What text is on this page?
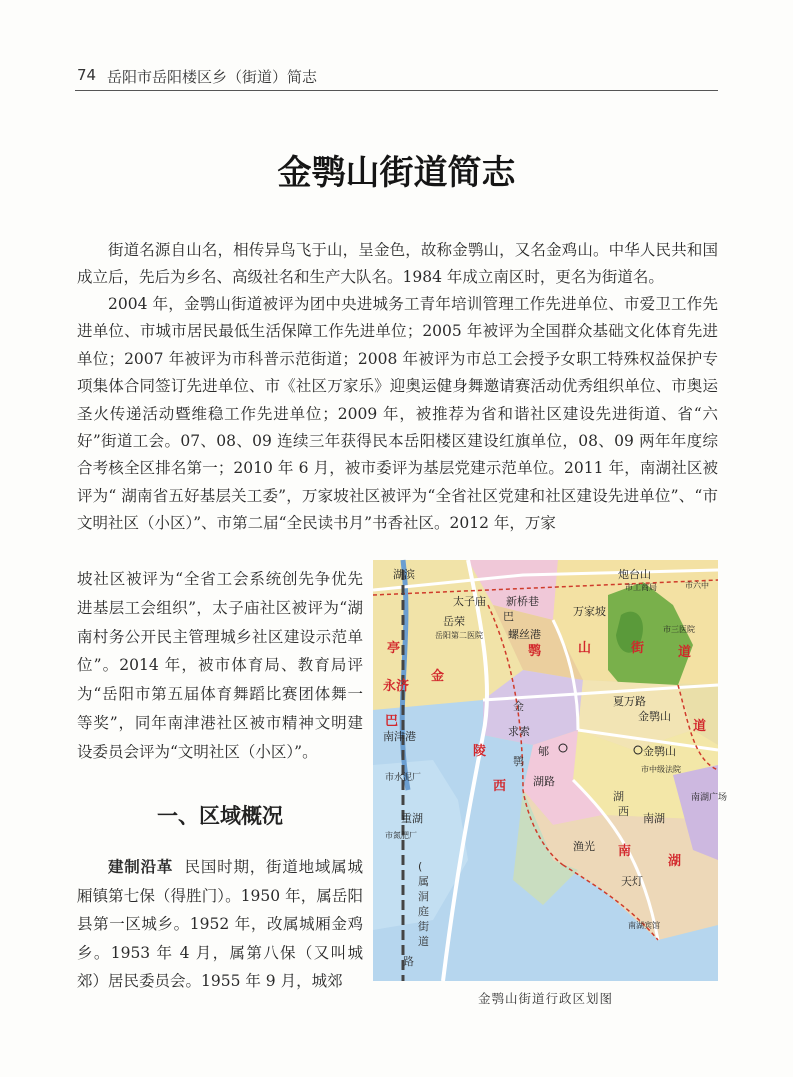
74 岳阳市岳阳楼区乡（街道）简志
金鹗山街道简志

街道名源自山名，相传异鸟飞于山，呈金色，故称金鹗山，又名金鸡山。中华人民共和国成立后，先后为乡名、高级社名和生产大队名。1984 年成立南区时，更名为街道名。

2004 年，金鹗山街道被评为团中央进城务工青年培训管理工作先进单位、市爱卫工作先进单位、市城市居民最低生活保障工作先进单位；2005 年被评为全国群众基础文化体育先进单位；2007 年被评为市科普示范街道；2008 年被评为市总工会授予女职工特殊权益保护专项集体合同签订先进单位、市《社区万家乐》迎奥运健身舞邀请赛活动优秀组织单位、市奥运圣火传递活动暨维稳工作先进单位；2009 年，被推荐为省和谐社区建设先进街道、省“六好”街道工会。07、08、09 连续三年获得民本岳阳楼区建设红旗单位，08、09 两年年度综合考核全区排名第一；2010 年 6 月，被市委评为基层党建示范单位。2011 年，南湖社区被评为“ 湖南省五好基层关工委”，万家坡社区被评为“全省社区党建和社区建设先进单位”、“市文明社区（小区）”、市第二届“全民读书月”书香社区。2012 年，万家

坡社区被评为“全省工会系统创先争优先进基层工会组织”，太子庙社区被评为“湖南村务公开民主管理城乡社区建设示范单位”。2014 年，被市体育局、教育局评为“岳阳市第五届体育舞蹈比赛团体舞一等奖”，同年南津港社区被市精神文明建设委员会评为“文明社区（小区）”。

一、区域概况

建制沿革 民国时期，街道地域属城厢镇第七保（得胜门）。1950 年，属岳阳县第一区城乡。1952 年，改属城厢金鸡乡。1953 年 4 月，属第八保（又叫城郊）居民委员会。1955 年 9 月，城郊

亭
金
鹗	山	街	道
南
湖
永济
巴
陵
西
道
湖滨
太子庙 新桥巷
万家坡
岳荣
岳阳第二医院 螺丝港
炮台山
市工商局	市六中
市三医院
南津港	求索
金鹗山
金鹗山
夏万路
郇
市水泥厂
重湖
市氮肥厂
湖路
市中级法院
渔光
南湖
南湖广场
天灯
南湖宾馆
巴
金
鹗
湖
西
(
属
洞
庭
街
道
路
金鹗山街道行政区划图
